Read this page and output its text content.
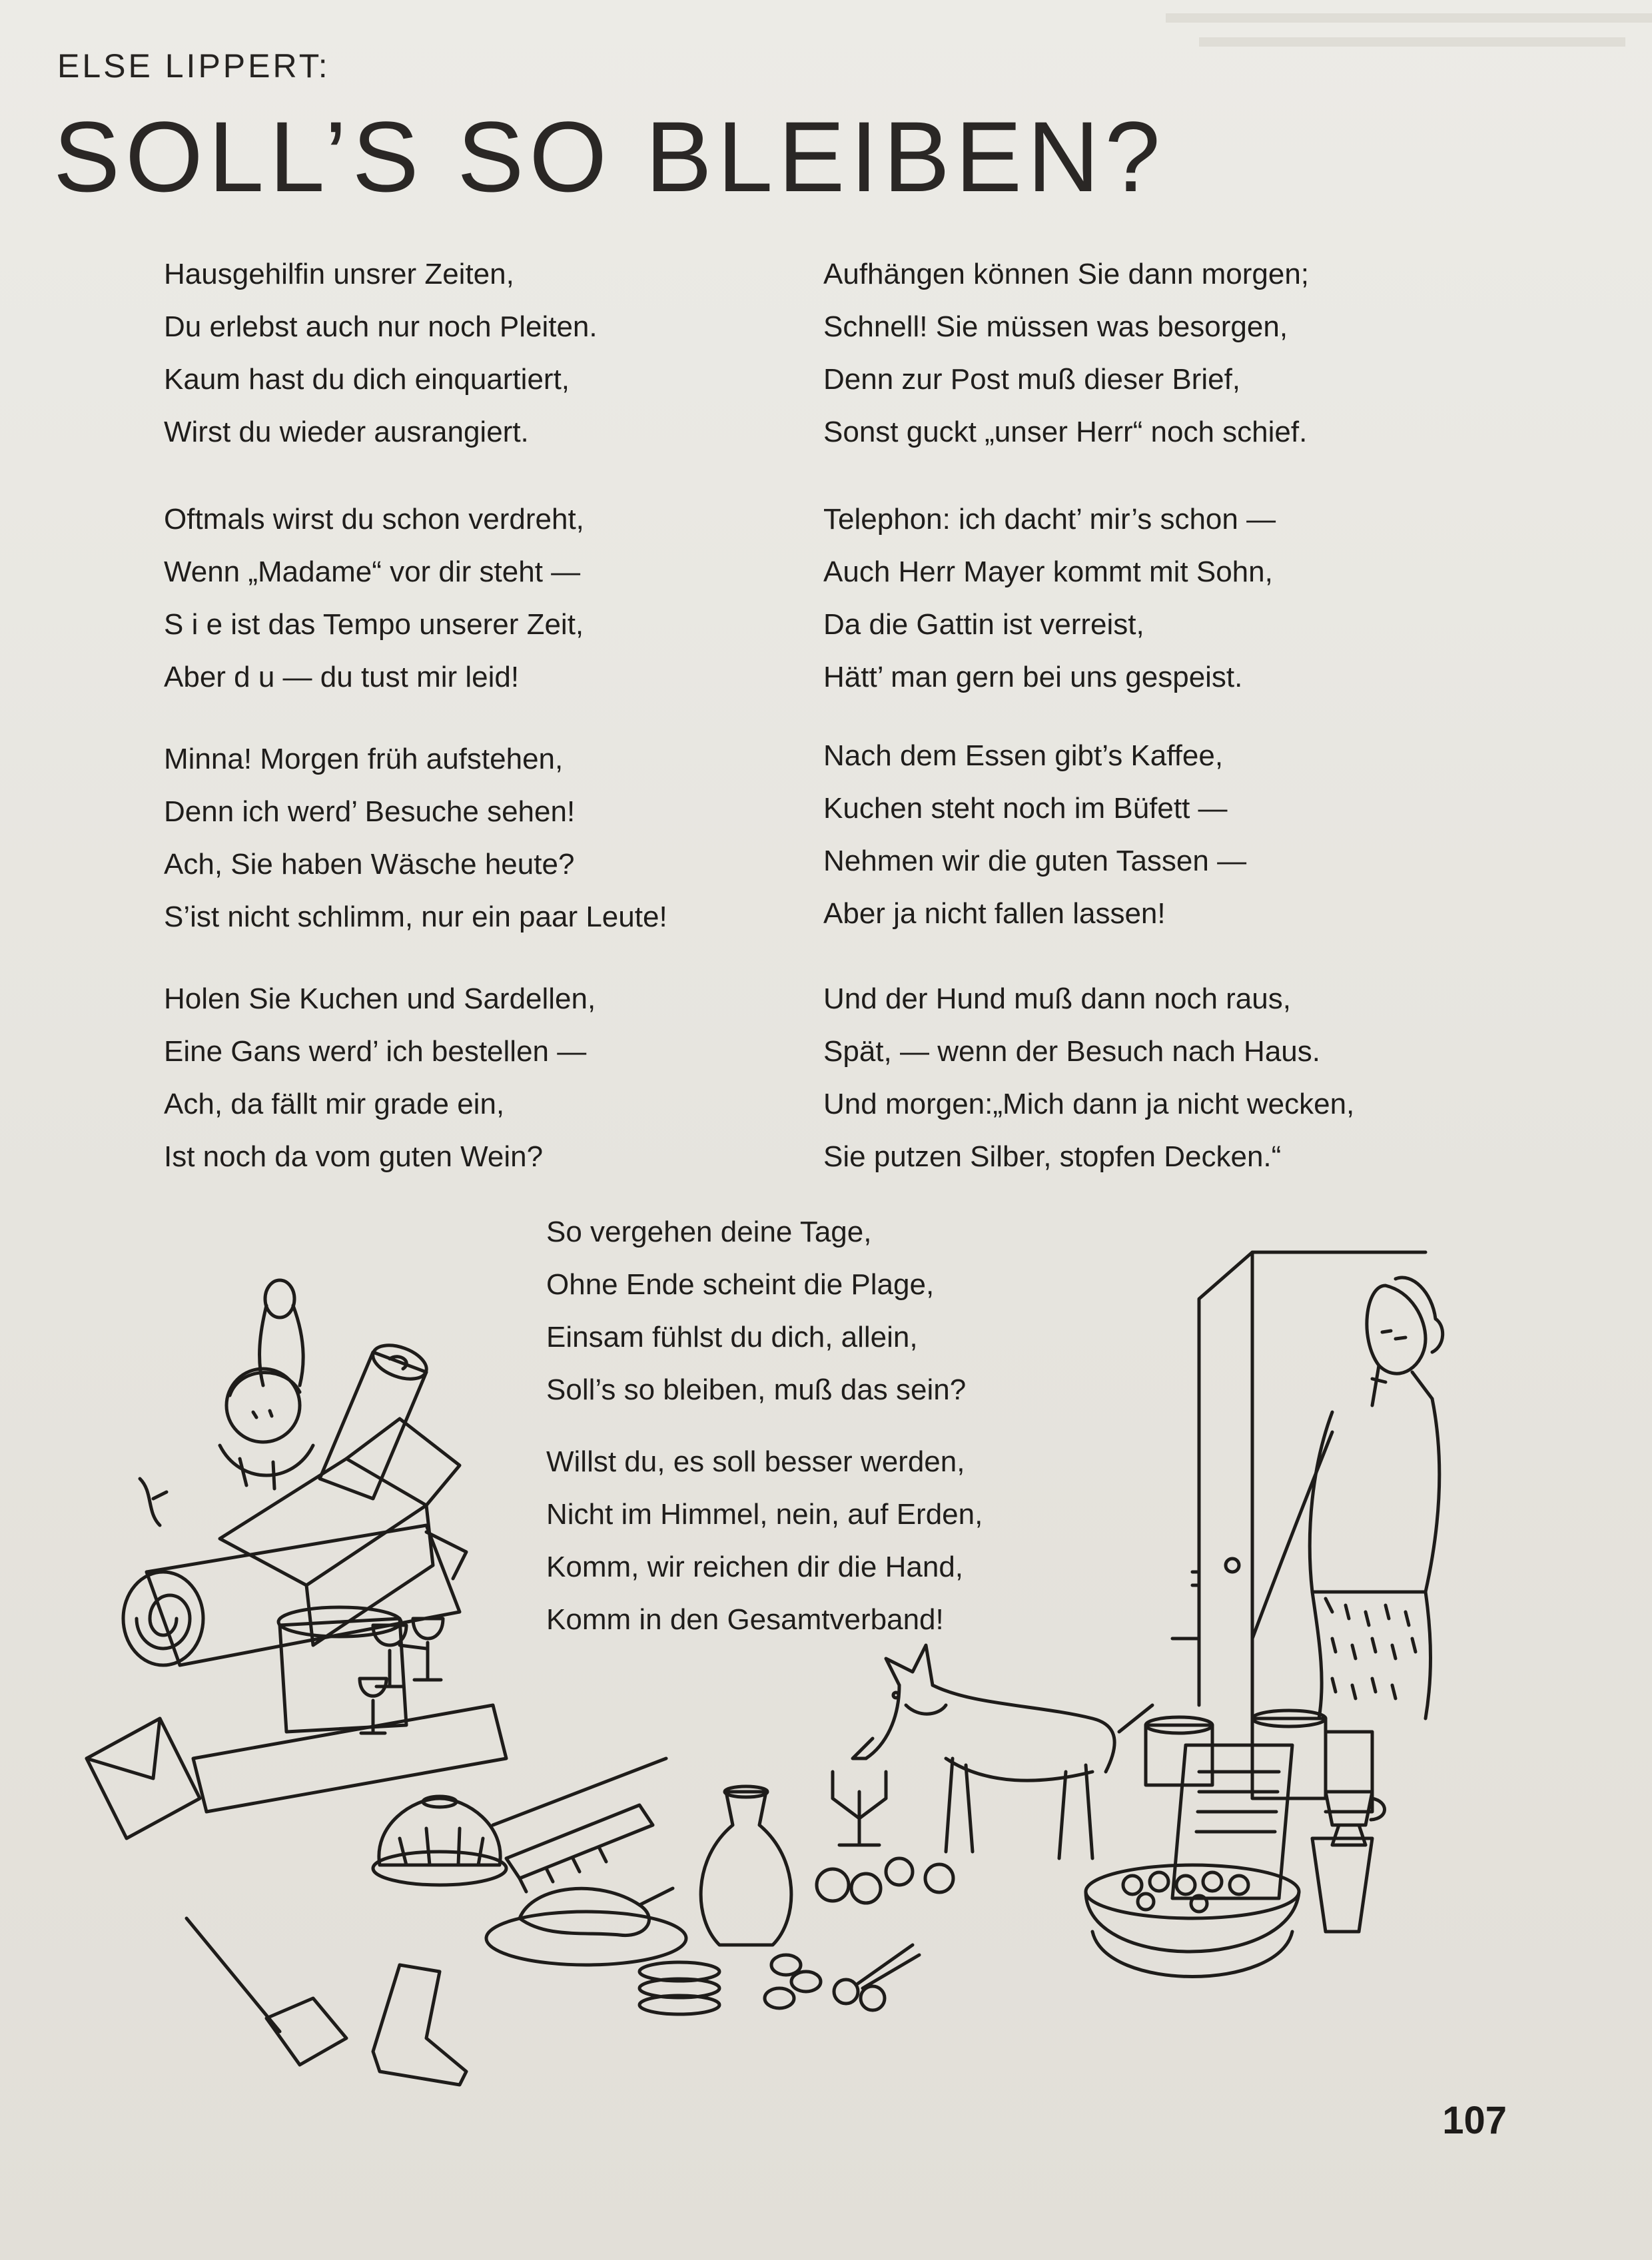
ELSE LIPPERT:
SOLL’S SO BLEIBEN?
Hausgehilfin unsrer Zeiten,
Du erlebst auch nur noch Pleiten.
Kaum hast du dich einquartiert,
Wirst du wieder ausrangiert.
Oftmals wirst du schon verdreht,
Wenn „Madame“ vor dir steht —
S i e ist das Tempo unserer Zeit,
Aber d u — du tust mir leid!
Minna! Morgen früh aufstehen,
Denn ich werd’ Besuche sehen!
Ach, Sie haben Wäsche heute?
S’ist nicht schlimm, nur ein paar Leute!
Holen Sie Kuchen und Sardellen,
Eine Gans werd’ ich bestellen —
Ach, da fällt mir grade ein,
Ist noch da vom guten Wein?
Aufhängen können Sie dann morgen;
Schnell! Sie müssen was besorgen,
Denn zur Post muß dieser Brief,
Sonst guckt „unser Herr“ noch schief.
Telephon: ich dacht’ mir’s schon —
Auch Herr Mayer kommt mit Sohn,
Da die Gattin ist verreist,
Hätt’ man gern bei uns gespeist.
Nach dem Essen gibt’s Kaffee,
Kuchen steht noch im Büfett —
Nehmen wir die guten Tassen —
Aber ja nicht fallen lassen!
Und der Hund muß dann noch raus,
Spät, — wenn der Besuch nach Haus.
Und morgen:„Mich dann ja nicht wecken,
Sie putzen Silber, stopfen Decken.“
So vergehen deine Tage,
Ohne Ende scheint die Plage,
Einsam fühlst du dich, allein,
Soll’s so bleiben, muß das sein?
Willst du, es soll besser werden,
Nicht im Himmel, nein, auf Erden,
Komm, wir reichen dir die Hand,
Komm in den Gesamtverband!
107
